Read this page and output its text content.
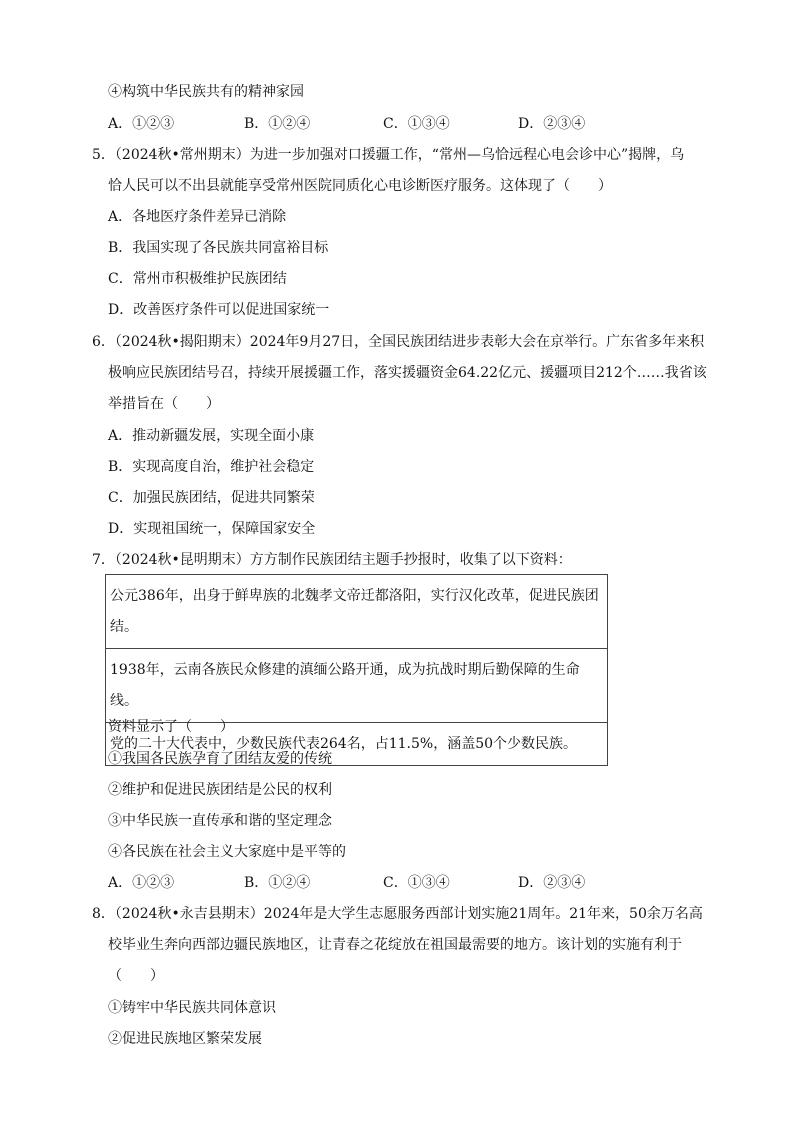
④构筑中华民族共有的精神家园
A．①②③	B．①②④	C．①③④	D．②③④
5．（2024秋•常州期末）为进一步加强对口援疆工作，“常州—乌恰远程心电会诊中心”揭牌，乌
恰人民可以不出县就能享受常州医院同质化心电诊断医疗服务。这体现了（　　）
A．各地医疗条件差异已消除
B．我国实现了各民族共同富裕目标
C．常州市积极维护民族团结
D．改善医疗条件可以促进国家统一
6．（2024秋•揭阳期末）2024年9月27日，全国民族团结进步表彰大会在京举行。广东省多年来积
极响应民族团结号召，持续开展援疆工作，落实援疆资金64.22亿元、援疆项目212个……我省该
举措旨在（　　）
A．推动新疆发展，实现全面小康
B．实现高度自治，维护社会稳定
C．加强民族团结，促进共同繁荣
D．实现祖国统一，保障国家安全
7．（2024秋•昆明期末）方方制作民族团结主题手抄报时，收集了以下资料：
公元386年，出身于鲜卑族的北魏孝文帝迁都洛阳，实行汉化改革，促进民族团结。
1938年，云南各族民众修建的滇缅公路开通，成为抗战时期后勤保障的生命线。
党的二十大代表中，少数民族代表264名，占11.5%，涵盖50个少数民族。
资料显示了（　　）
①我国各民族孕育了团结友爱的传统
②维护和促进民族团结是公民的权利
③中华民族一直传承和谐的坚定理念
④各民族在社会主义大家庭中是平等的
A．①②③	B．①②④	C．①③④	D．②③④
8．（2024秋•永吉县期末）2024年是大学生志愿服务西部计划实施21周年。21年来，50余万名高
校毕业生奔向西部边疆民族地区，让青春之花绽放在祖国最需要的地方。该计划的实施有利于
（　　）
①铸牢中华民族共同体意识
②促进民族地区繁荣发展
